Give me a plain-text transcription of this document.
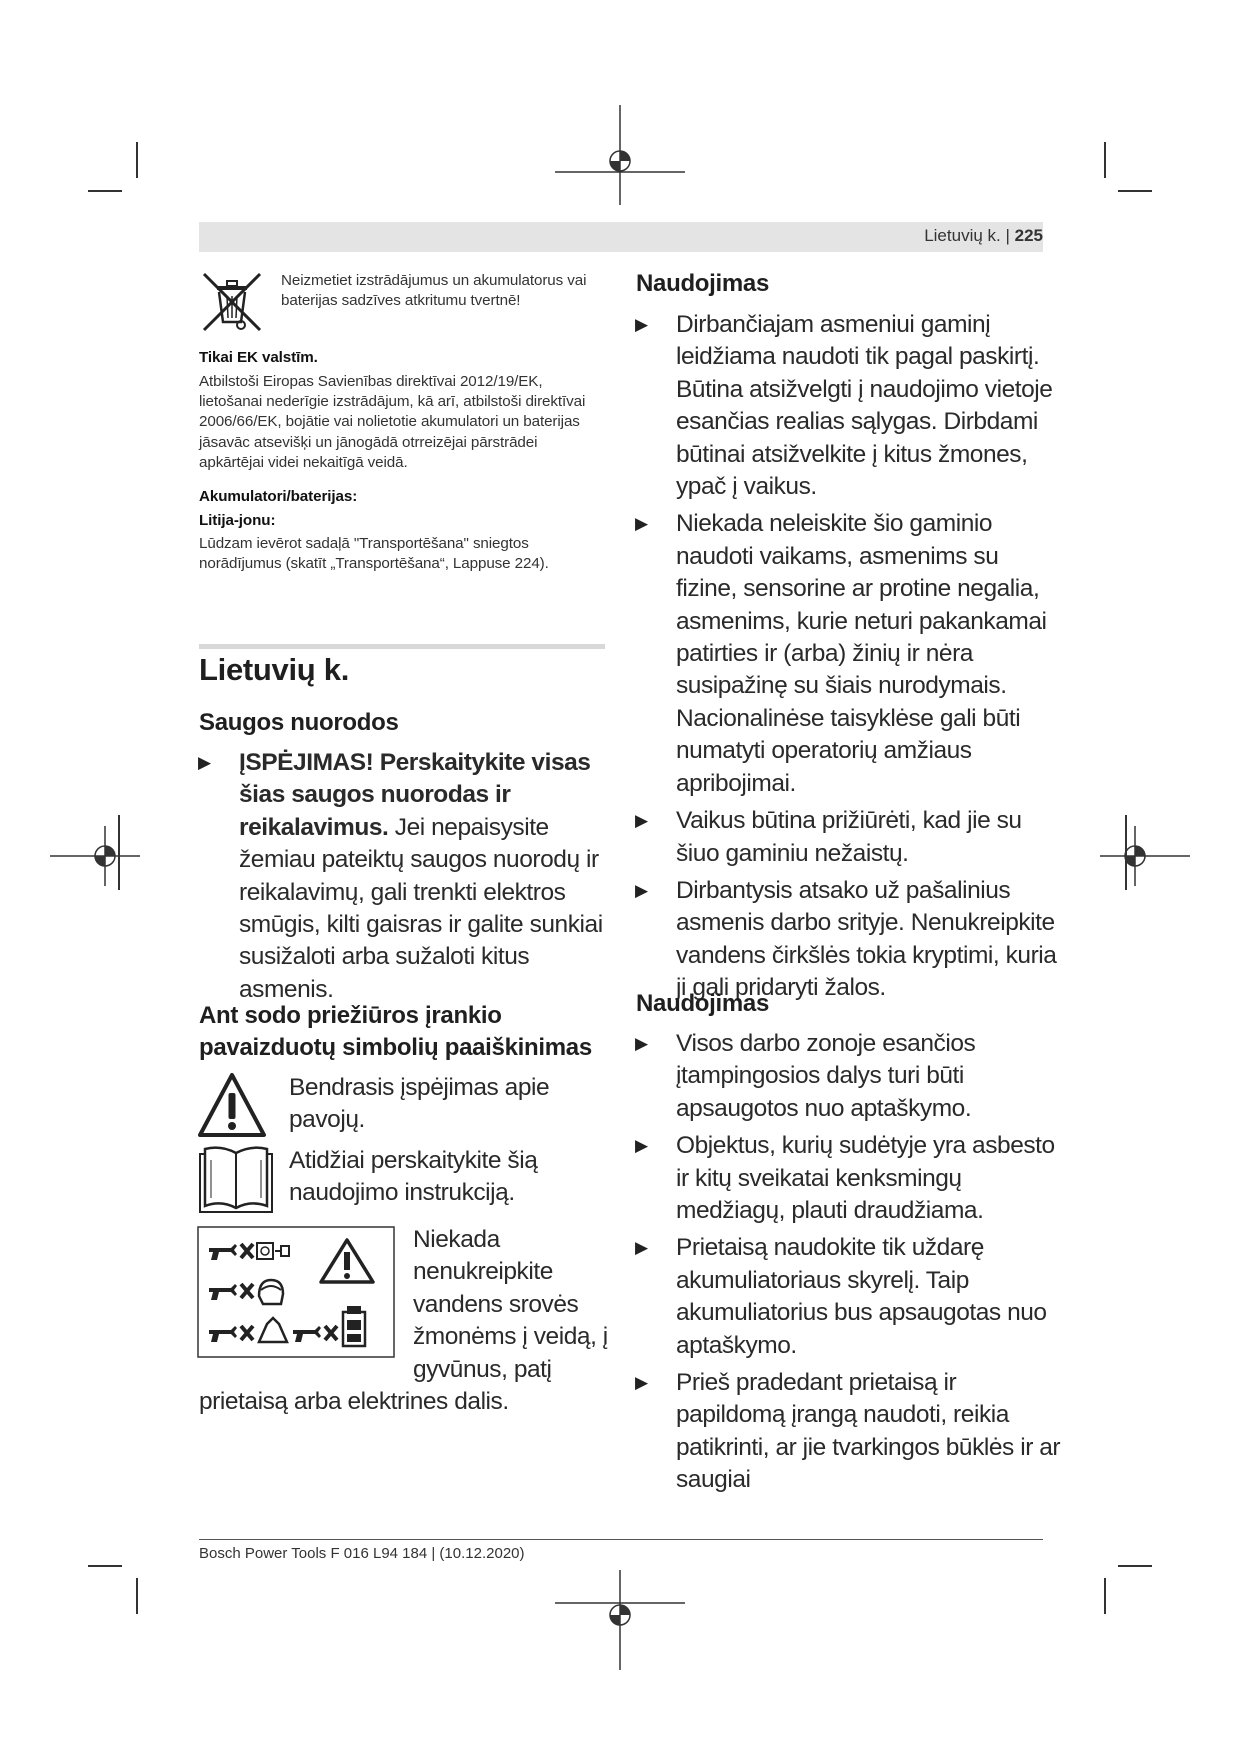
Lietuvių k. | 225
Neizmetiet izstrādājumus un akumulatorus vai baterijas sadzīves atkritumu tvertnē!
Tikai EK valstīm.
Atbilstoši Eiropas Savienības direktīvai 2012/19/EK, lietošanai nederīgie izstrādājum, kā arī, atbilstoši direktīvai 2006/66/EK, bojātie vai nolietotie akumulatori un baterijas jāsavāc atsevišķi un jānogādā otrreizējai pārstrādei apkārtējai videi nekaitīgā veidā.
Akumulatori/baterijas:
Litija-jonu:
Lūdzam ievērot sadaļā "Transportēšana" sniegtos norādījumus (skatīt „Transportēšana“, Lappuse 224).
Lietuvių k.
Saugos nuorodos
▶ ĮSPĖJIMAS! Perskaitykite visas šias saugos nuorodas ir reikalavimus. Jei nepaisysite žemiau pateiktų saugos nuorodų ir reikalavimų, gali trenkti elektros smūgis, kilti gaisras ir galite sunkiai susižaloti arba sužaloti kitus asmenis.
Ant sodo priežiūros įrankio pavaizduotų simbolių paaiškinimas
Bendrasis įspėjimas apie pavojų.
Atidžiai perskaitykite šią naudojimo instrukciją.
Niekada nenukreipkite vandens srovės žmonėms į veidą, į gyvūnus, patį prietaisą arba elektrines dalis.
Naudojimas
▶ Dirbančiajam asmeniui gaminį leidžiama naudoti tik pagal paskirtį. Būtina atsižvelgti į naudojimo vietoje esančias realias sąlygas. Dirbdami būtinai atsižvelkite į kitus žmones, ypač į vaikus.
▶ Niekada neleiskite šio gaminio naudoti vaikams, asmenims su fizine, sensorine ar protine negalia, asmenims, kurie neturi pakankamai patirties ir (arba) žinių ir nėra susipažinę su šiais nurodymais. Nacionalinėse taisyklėse gali būti numatyti operatorių amžiaus apribojimai.
▶ Vaikus būtina prižiūrėti, kad jie su šiuo gaminiu nežaistų.
▶ Dirbantysis atsako už pašalinius asmenis darbo srityje. Nenukreipkite vandens čirkšlės tokia kryptimi, kuria ji gali pridaryti žalos.
Naudojimas
▶ Visos darbo zonoje esančios įtampingosios dalys turi būti apsaugotos nuo aptaškymo.
▶ Objektus, kurių sudėtyje yra asbesto ir kitų sveikatai kenksmingų medžiagų, plauti draudžiama.
▶ Prietaisą naudokite tik uždarę akumuliatoriaus skyrelį. Taip akumuliatorius bus apsaugotas nuo aptaškymo.
▶ Prieš pradedant prietaisą ir papildomą įrangą naudoti, reikia patikrinti, ar jie tvarkingos būklės ir ar saugiai
Bosch Power Tools F 016 L94 184 | (10.12.2020)
